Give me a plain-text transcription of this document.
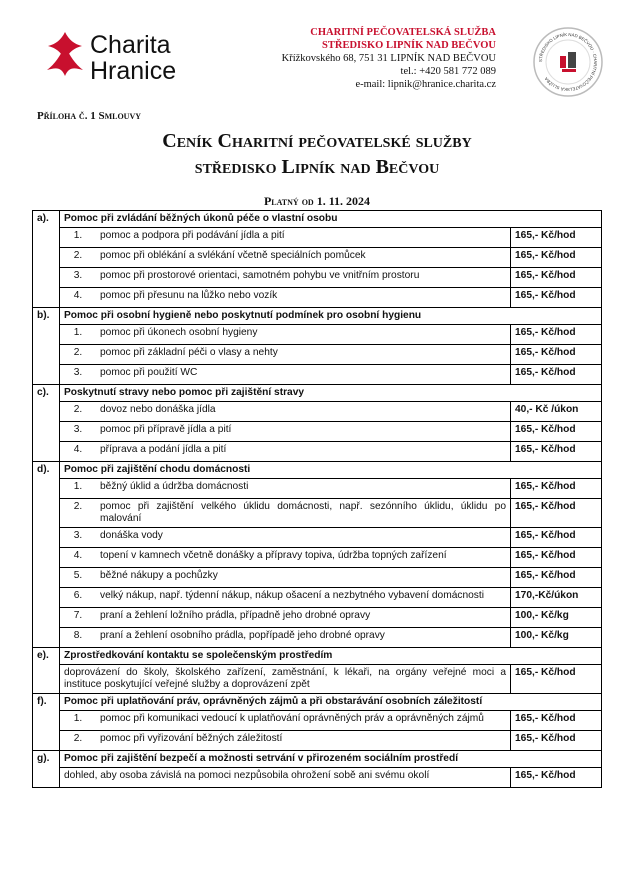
Charita
Hranice
CHARITNÍ PEČOVATELSKÁ SLUŽBA
STŘEDISKO LIPNÍK NAD BEČVOU
Křížkovského 68, 751 31 LIPNÍK NAD BEČVOU
tel.: +420 581 772 089
e-mail: lipnik@hranice.charita.cz
STŘEDISKO LIPNÍK NAD BEČVOU · CHARITNÍ PEČOVATELSKÁ SLUŽBA
Příloha č. 1 Smlouvy
Ceník Charitní pečovatelské služby
středisko Lipník nad Bečvou
Platný od 1. 11. 2024
a).	Pomoc při zvládání běžných úkonů péče o vlastní osobu		
	1.	pomoc a podpora při podávání jídla a pití	165,- Kč/hod
	2.	pomoc při oblékání a svlékání včetně speciálních pomůcek	165,- Kč/hod
	3.	pomoc při prostorové orientaci, samotném pohybu ve vnitřním prostoru	165,- Kč/hod
	4.	pomoc při přesunu na lůžko nebo vozík	165,- Kč/hod
b).	Pomoc při osobní hygieně nebo poskytnutí podmínek pro osobní hygienu		
	1.	pomoc při úkonech osobní hygieny	165,- Kč/hod
	2.	pomoc při základní péči o vlasy a nehty	165,- Kč/hod
	3.	pomoc při použití WC	165,- Kč/hod
c).	Poskytnutí stravy nebo pomoc při zajištění stravy		
	2.	dovoz nebo donáška jídla	40,- Kč /úkon
	3.	pomoc při přípravě jídla a pití	165,- Kč/hod
	4.	příprava a podání jídla a pití	165,- Kč/hod
d).	Pomoc při zajištění chodu domácnosti		
	1.	běžný úklid a údržba domácnosti	165,- Kč/hod
	2.	pomoc při zajištění velkého úklidu domácnosti, např. sezónního úklidu, úklidu po malování	165,- Kč/hod
	3.	donáška vody	165,- Kč/hod
	4.	topení v kamnech včetně donášky a přípravy topiva, údržba topných zařízení	165,- Kč/hod
	5.	běžné nákupy a pochůzky	165,- Kč/hod
	6.	velký nákup, např. týdenní nákup, nákup ošacení a nezbytného vybavení domácnosti	170,-Kč/úkon
	7.	praní a žehlení ložního prádla, případně jeho drobné opravy	100,- Kč/kg
	8.	praní a žehlení osobního prádla, popřípadě jeho drobné opravy	100,- Kč/kg
e).	Zprostředkování kontaktu se společenským prostředím		
	doprovázení do školy, školského zařízení, zaměstnání, k lékaři, na orgány veřejné moci a instituce poskytující veřejné služby a doprovázení zpět		165,- Kč/hod
f).	Pomoc při uplatňování práv, oprávněných zájmů a při obstarávání osobních záležitostí		
	1.	pomoc při komunikaci vedoucí k uplatňování oprávněných práv a oprávněných zájmů	165,- Kč/hod
	2.	pomoc při vyřizování běžných záležitostí	165,- Kč/hod
g).	Pomoc při zajištění bezpečí a možnosti setrvání v přirozeném sociálním prostředí		
	dohled, aby osoba závislá na pomoci nezpůsobila ohrožení sobě ani svému okolí		165,- Kč/hod
